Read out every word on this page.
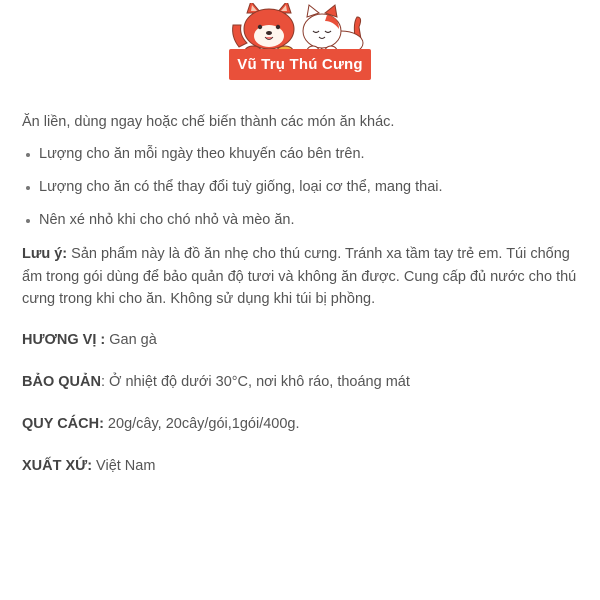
Vũ Trụ Thú Cưng

Ăn liền, dùng ngay hoặc chế biến thành các món ăn khác.

Lượng cho ăn mỗi ngày theo khuyến cáo bên trên.
Lượng cho ăn có thể thay đổi tuỳ giống, loại cơ thể, mang thai.
Nên xé nhỏ khi cho chó nhỏ và mèo ăn.

Lưu ý: Sản phẩm này là đồ ăn nhẹ cho thú cưng. Tránh xa tầm tay trẻ em. Túi chống ẩm trong gói dùng để bảo quản độ tươi và không ăn được. Cung cấp đủ nước cho thú cưng trong khi cho ăn. Không sử dụng khi túi bị phồng.

HƯƠNG VỊ : Gan gà

BẢO QUẢN: Ở nhiệt độ dưới 30°C, nơi khô ráo, thoáng mát

QUY CÁCH: 20g/cây, 20cây/gói,1gói/400g.

XUẤT XỨ: Việt Nam
